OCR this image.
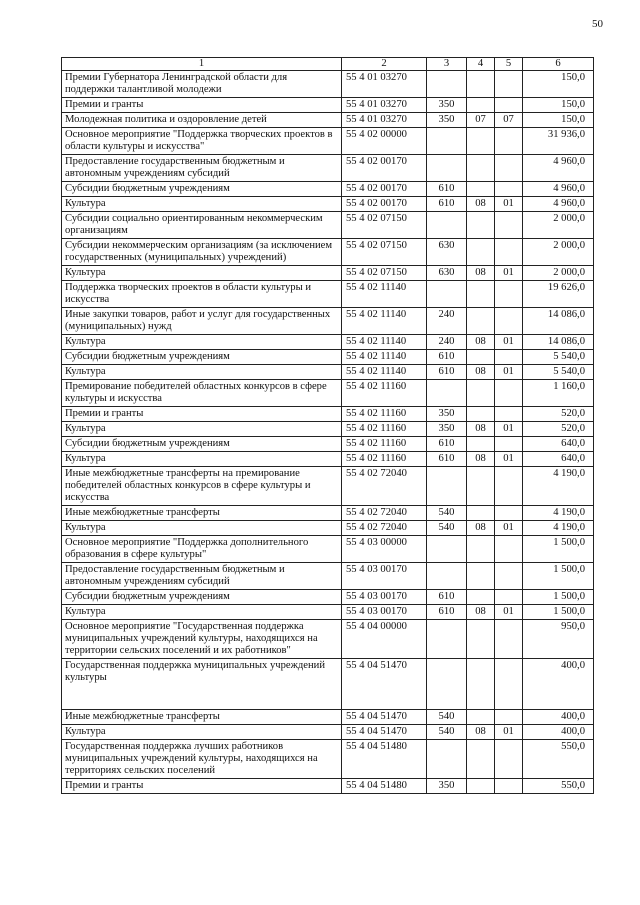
50
1	2	3	4	5	6
Премии Губернатора Ленинградской области для поддержки талантливой молодежи	55 4 01 03270				150,0
Премии и гранты	55 4 01 03270	350			150,0
Молодежная политика и оздоровление детей	55 4 01 03270	350	07	07	150,0
Основное мероприятие "Поддержка творческих проектов в области культуры и искусства"	55 4 02 00000				31 936,0
Предоставление государственным бюджетным и автономным учреждениям субсидий	55 4 02 00170				4 960,0
Субсидии бюджетным учреждениям	55 4 02 00170	610			4 960,0
Культура	55 4 02 00170	610	08	01	4 960,0
Субсидии социально ориентированным некоммерческим организациям	55 4 02 07150				2 000,0
Субсидии некоммерческим организациям (за исключением государственных (муниципальных) учреждений)	55 4 02 07150	630			2 000,0
Культура	55 4 02 07150	630	08	01	2 000,0
Поддержка творческих проектов в области культуры и искусства	55 4 02 11140				19 626,0
Иные закупки товаров, работ и услуг для государственных (муниципальных) нужд	55 4 02 11140	240			14 086,0
Культура	55 4 02 11140	240	08	01	14 086,0
Субсидии бюджетным учреждениям	55 4 02 11140	610			5 540,0
Культура	55 4 02 11140	610	08	01	5 540,0
Премирование победителей областных конкурсов в сфере культуры и искусства	55 4 02 11160				1 160,0
Премии и гранты	55 4 02 11160	350			520,0
Культура	55 4 02 11160	350	08	01	520,0
Субсидии бюджетным учреждениям	55 4 02 11160	610			640,0
Культура	55 4 02 11160	610	08	01	640,0
Иные межбюджетные трансферты на премирование победителей областных конкурсов в сфере культуры и искусства	55 4 02 72040				4 190,0
Иные межбюджетные трансферты	55 4 02 72040	540			4 190,0
Культура	55 4 02 72040	540	08	01	4 190,0
Основное мероприятие "Поддержка дополнительного образования в сфере культуры"	55 4 03 00000				1 500,0
Предоставление государственным бюджетным и автономным учреждениям субсидий	55 4 03 00170				1 500,0
Субсидии бюджетным учреждениям	55 4 03 00170	610			1 500,0
Культура	55 4 03 00170	610	08	01	1 500,0
Основное мероприятие "Государственная поддержка муниципальных учреждений культуры, находящихся на территории сельских поселений и их работников"	55 4 04 00000				950,0
Государственная поддержка муниципальных учреждений культуры	55 4 04 51470				400,0
Иные межбюджетные трансферты	55 4 04 51470	540			400,0
Культура	55 4 04 51470	540	08	01	400,0
Государственная поддержка лучших работников муниципальных учреждений культуры, находящихся на территориях сельских поселений	55 4 04 51480				550,0
Премии и гранты	55 4 04 51480	350			550,0
